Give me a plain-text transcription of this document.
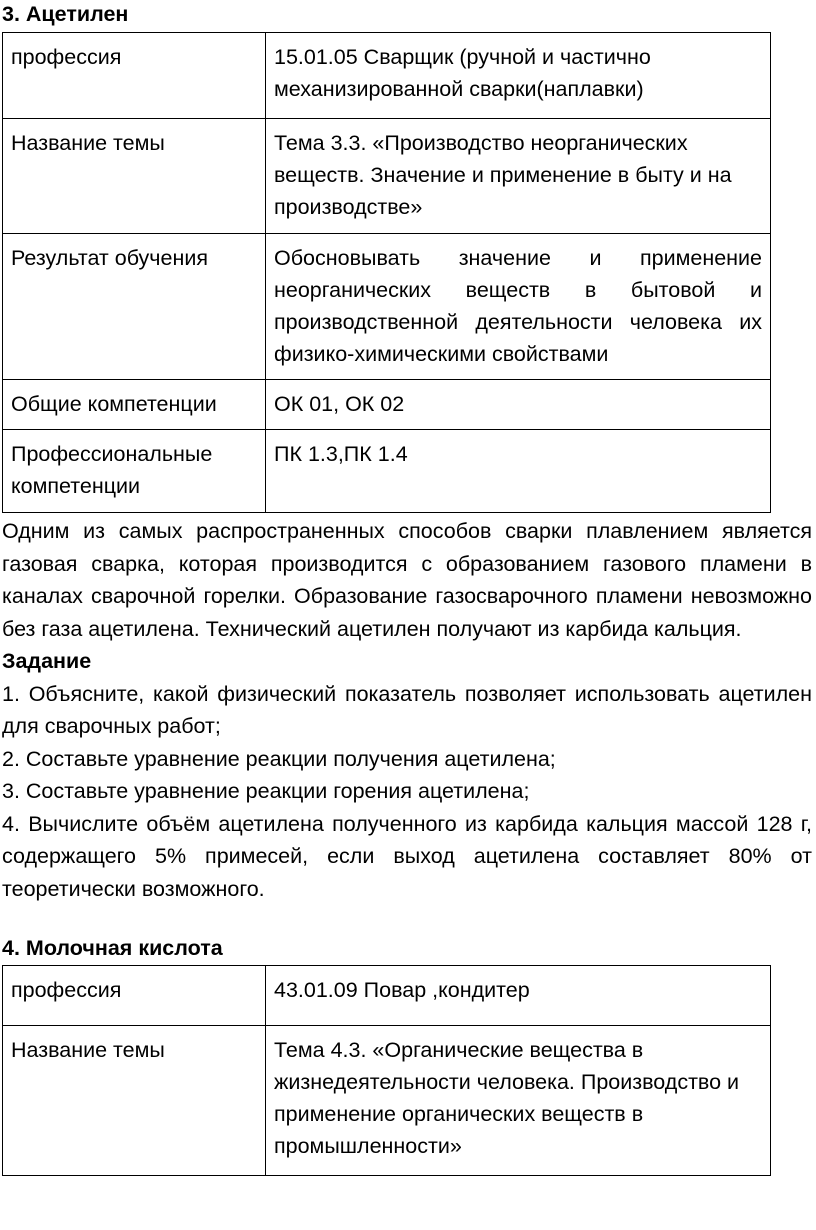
3. Ацетилен
профессия	15.01.05 Сварщик (ручной и частично механизированной сварки(наплавки)
Название темы	Тема 3.3. «Производство неорганических веществ. Значение и применение в быту и на производстве»
Результат обучения	Обосновывать значение и применение неорганических веществ в бытовой и производственной деятельности человека их физико-химическими свойствами
Общие компетенции	ОК 01, ОК 02
Профессиональные компетенции	ПК 1.3,ПК 1.4

Одним из самых распространенных способов сварки плавлением является газовая сварка, которая производится с образованием газового пламени в каналах сварочной горелки. Образование газосварочного пламени невозможно без газа ацетилена. Технический ацетилен получают из карбида кальция.

Задание

1. Объясните, какой физический показатель позволяет использовать ацетилен для сварочных работ;

2. Составьте уравнение реакции получения ацетилена;

3. Составьте уравнение реакции горения ацетилена;

4. Вычислите объём ацетилена полученного из карбида кальция массой 128 г, содержащего 5% примесей, если выход ацетилена составляет 80% от теоретически возможного.

4. Молочная кислота
профессия	43.01.09 Повар ,кондитер
Название темы	Тема 4.3. «Органические вещества в жизнедеятельности человека. Производство и применение органических веществ в промышленности»
